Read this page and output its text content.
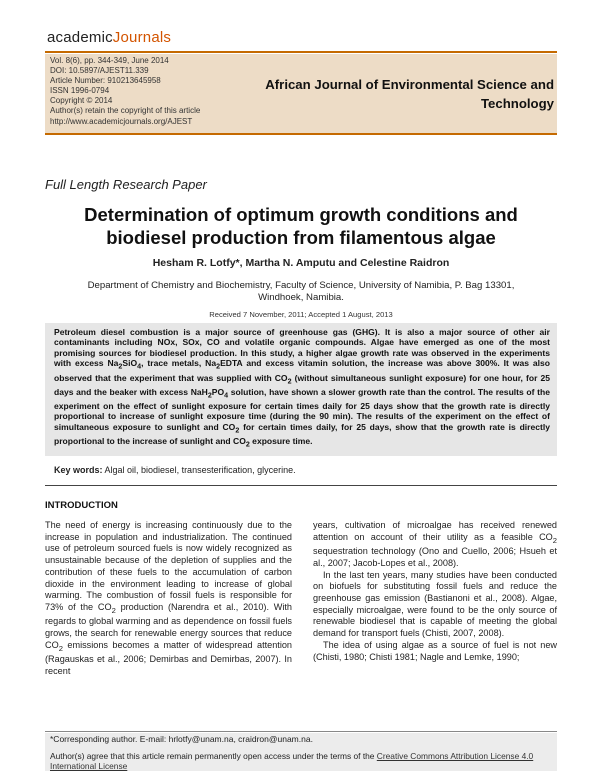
academicJournals
Vol. 8(6), pp. 344-349, June 2014
DOI: 10.5897/AJEST11.339
Article Number: 910213645958
ISSN 1996-0794
Copyright © 2014
Author(s) retain the copyright of this article
http://www.academicjournals.org/AJEST
African Journal of Environmental Science and
Technology
Full Length Research Paper
Determination of optimum growth conditions and
biodiesel production from filamentous algae
Hesham R. Lotfy*, Martha N. Amputu and Celestine Raidron
Department of Chemistry and Biochemistry, Faculty of Science, University of Namibia, P. Bag 13301,
Windhoek, Namibia.
Received 7 November, 2011; Accepted 1 August, 2013
Petroleum diesel combustion is a major source of greenhouse gas (GHG). It is also a major source of other air contaminants including NOx, SOx, CO and volatile organic compounds. Algae have emerged as one of the most promising sources for biodiesel production. In this study, a higher algae growth rate was observed in the experiments with excess $Na_2SiO_4$, trace metals, $Na_2EDTA$ and excess vitamin solution, the increase was above 300%. It was also observed that the experiment that was supplied with $CO_2$ (without simultaneous sunlight exposure) for one hour, for 25 days and the beaker with excess $NaH_2PO_4$ solution, have shown a slower growth rate than the control. The results of the experiment on the effect of sunlight exposure for certain times daily for 25 days show that the growth rate is directly proportional to increase of sunlight exposure time (during the 90 min). The results of the experiment on the effect of simultaneous exposure to sunlight and $CO_2$ for certain times daily, for 25 days, show that the growth rate is directly proportional to the increase of sunlight and $CO_2$ exposure time.
Key words: Algal oil, biodiesel, transesterification, glycerine.
INTRODUCTION

The need of energy is increasing continuously due to the increase in population and industrialization. The continued use of petroleum sourced fuels is now widely recognized as unsustainable because of the depletion of supplies and the contribution of these fuels to the accumulation of carbon dioxide in the environment leading to increase of global warming. The combustion of fossil fuels is responsible for 73% of the $CO_2$ production (Narendra et al., 2010). With regards to global warming and as dependence on fossil fuels grows, the search for renewable energy sources that reduce $CO_2$ emissions becomes a matter of widespread attention (Ragauskas et al., 2006; Demirbas and Demirbas, 2007). In recent

years, cultivation of microalgae has received renewed attention on account of their utility as a feasible $CO_2$ sequestration technology (Ono and Cuello, 2006; Hsueh et al., 2007; Jacob-Lopes et al., 2008).

In the last ten years, many studies have been conducted on biofuels for substituting fossil fuels and reduce the greenhouse gas emission (Bastianoni et al., 2008). Algae, especially microalgae, were found to be the only source of renewable biodiesel that is capable of meeting the global demand for transport fuels (Chisti, 2007, 2008).

The idea of using algae as a source of fuel is not new (Chisti, 1980; Chisti 1981; Nagle and Lemke, 1990;

*Corresponding author. E-mail: hrlotfy@unam.na, craidron@unam.na.
Author(s) agree that this article remain permanently open access under the terms of the Creative Commons Attribution License 4.0 International License
